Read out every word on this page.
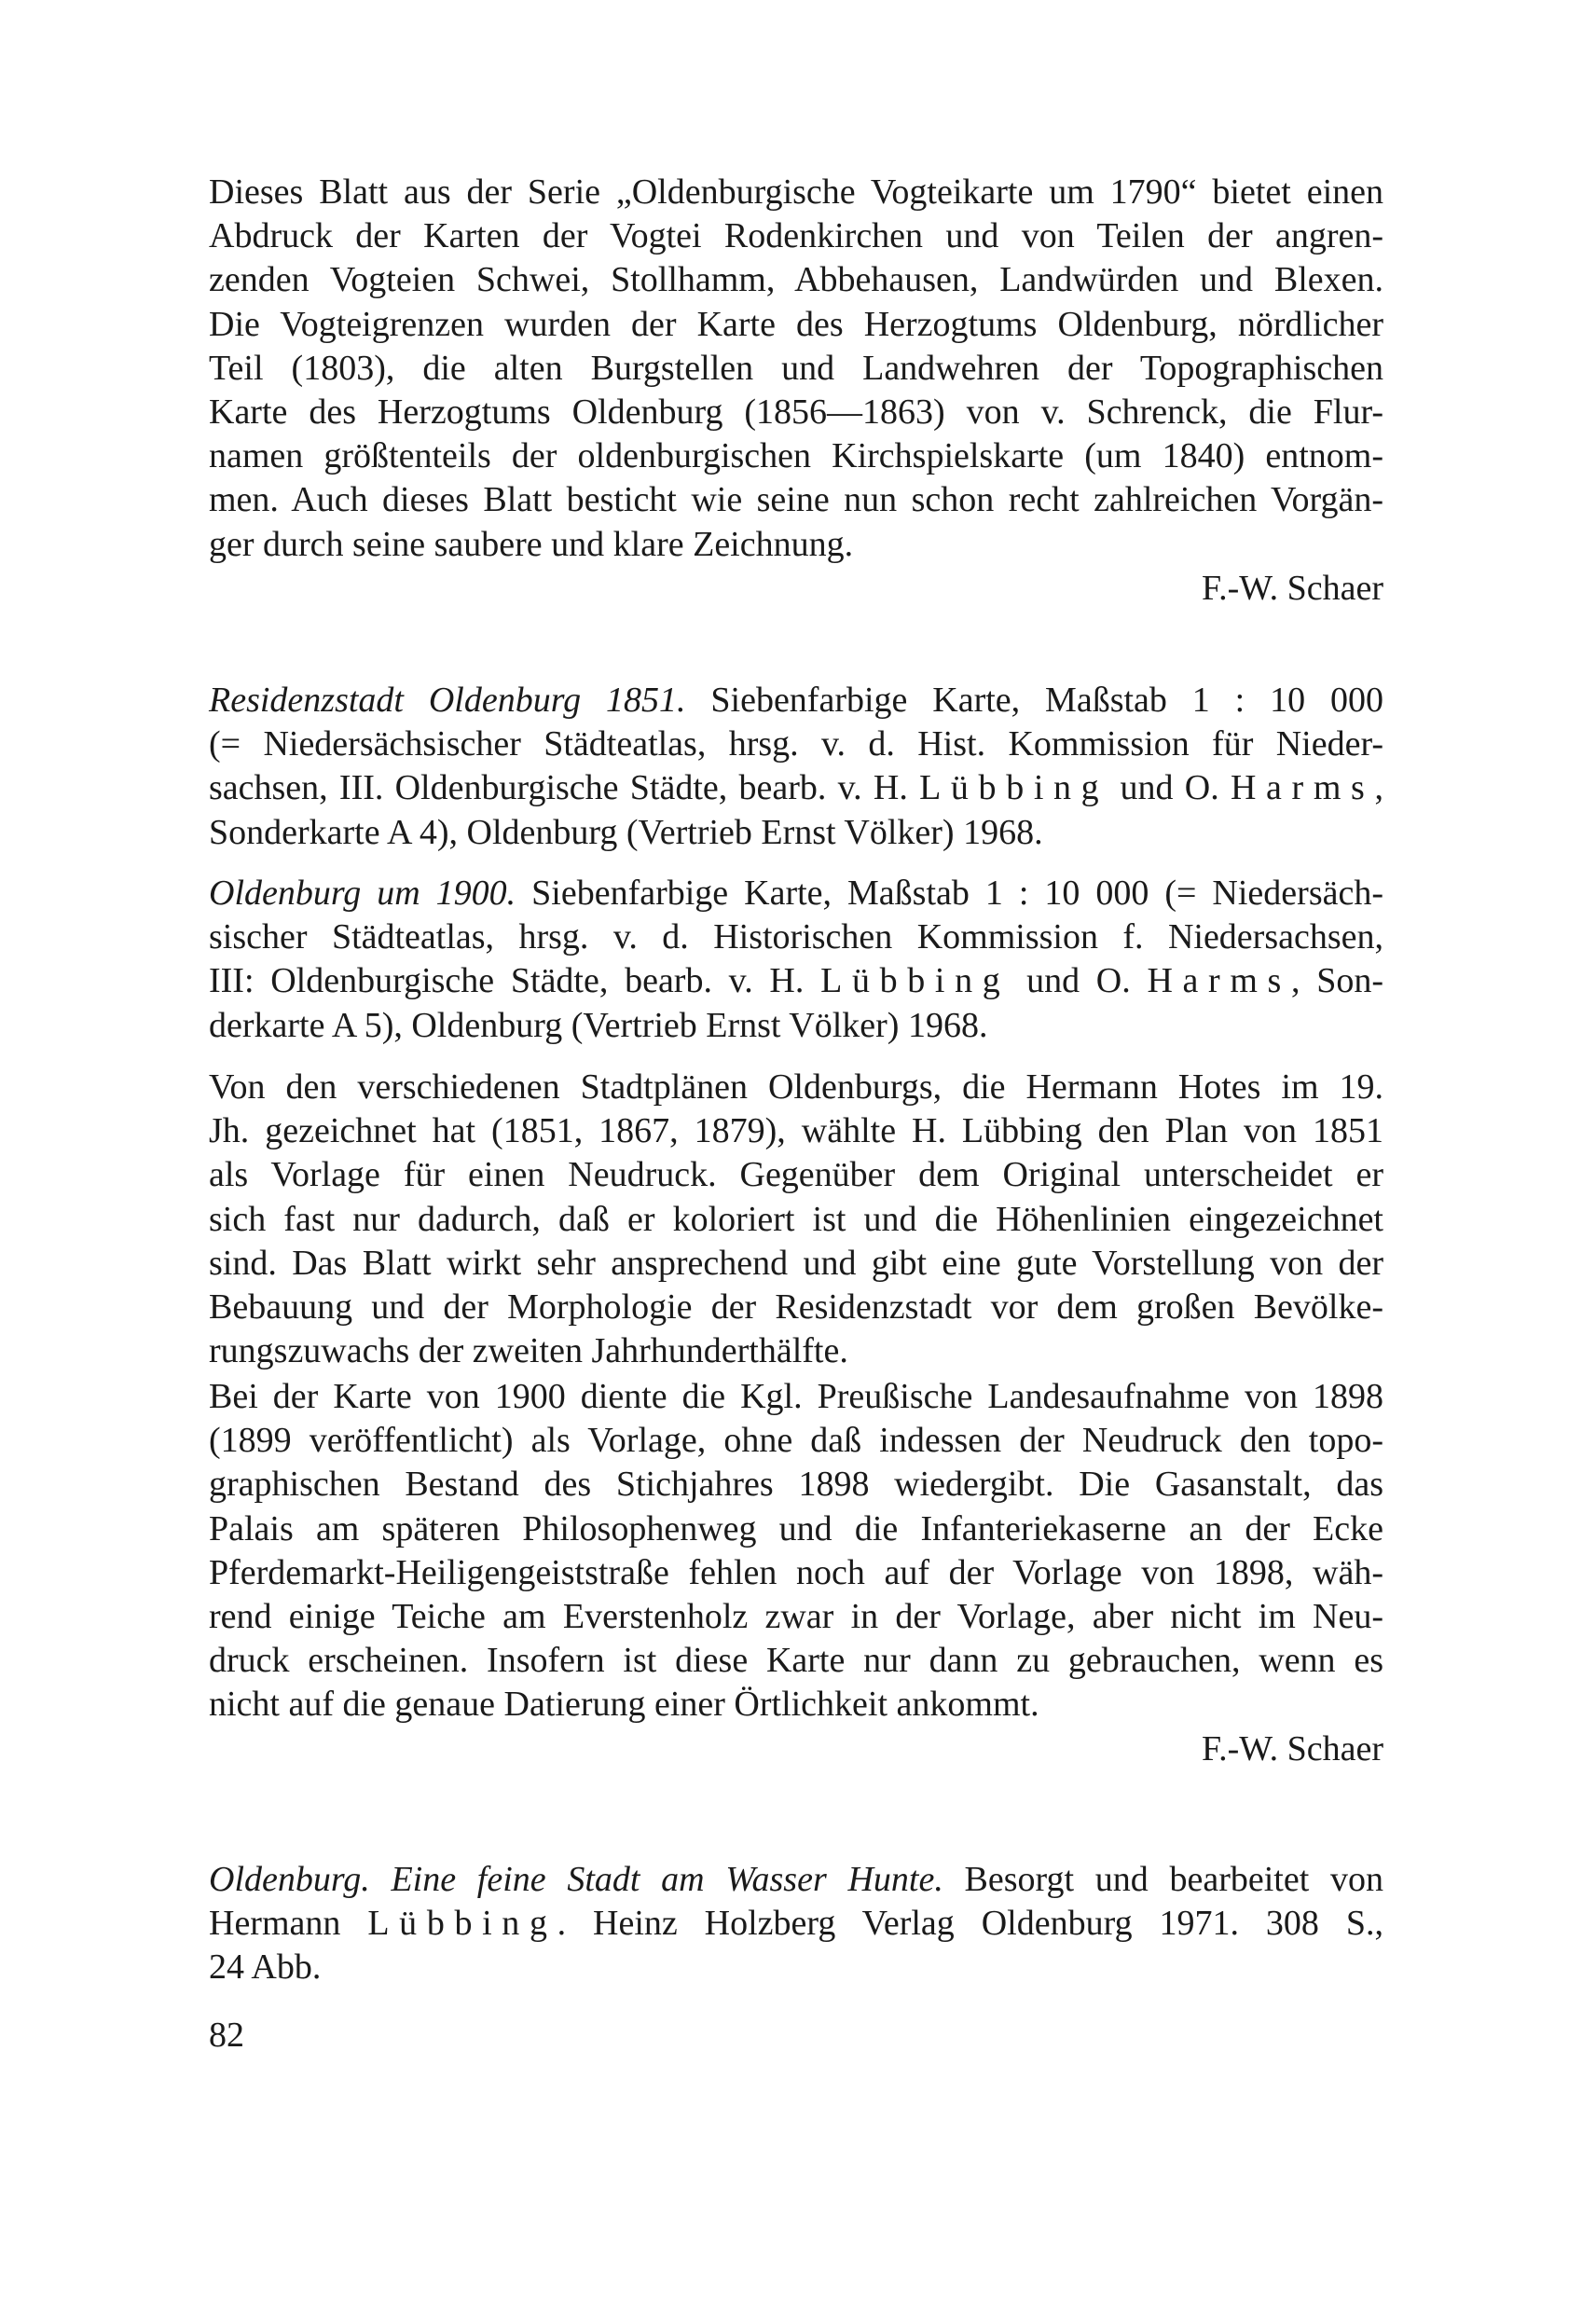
Dieses Blatt aus der Serie „Oldenburgische Vogteikarte um 1790“ bietet einen
Abdruck der Karten der Vogtei Rodenkirchen und von Teilen der angren-
zenden Vogteien Schwei, Stollhamm, Abbehausen, Landwürden und Blexen.
Die Vogteigrenzen wurden der Karte des Herzogtums Oldenburg, nördlicher
Teil (1803), die alten Burgstellen und Landwehren der Topographischen
Karte des Herzogtums Oldenburg (1856—1863) von v. Schrenck, die Flur-
namen größtenteils der oldenburgischen Kirchspielskarte (um 1840) entnom-
men. Auch dieses Blatt besticht wie seine nun schon recht zahlreichen Vorgän-
ger durch seine saubere und klare Zeichnung.
F.-W. Schaer
Residenzstadt Oldenburg 1851. Siebenfarbige Karte, Maßstab 1 : 10 000
(= Niedersächsischer Städteatlas, hrsg. v. d. Hist. Kommission für Nieder-
sachsen, III. Oldenburgische Städte, bearb. v. H. Lübbing und O. Harms,
Sonderkarte A 4), Oldenburg (Vertrieb Ernst Völker) 1968.
Oldenburg um 1900. Siebenfarbige Karte, Maßstab 1 : 10 000 (= Niedersäch-
sischer Städteatlas, hrsg. v. d. Historischen Kommission f. Niedersachsen,
III: Oldenburgische Städte, bearb. v. H. Lübbing und O. Harms, Son-
derkarte A 5), Oldenburg (Vertrieb Ernst Völker) 1968.
Von den verschiedenen Stadtplänen Oldenburgs, die Hermann Hotes im 19.
Jh. gezeichnet hat (1851, 1867, 1879), wählte H. Lübbing den Plan von 1851
als Vorlage für einen Neudruck. Gegenüber dem Original unterscheidet er
sich fast nur dadurch, daß er koloriert ist und die Höhenlinien eingezeichnet
sind. Das Blatt wirkt sehr ansprechend und gibt eine gute Vorstellung von der
Bebauung und der Morphologie der Residenzstadt vor dem großen Bevölke-
rungszuwachs der zweiten Jahrhunderthälfte.
Bei der Karte von 1900 diente die Kgl. Preußische Landesaufnahme von 1898
(1899 veröffentlicht) als Vorlage, ohne daß indessen der Neudruck den topo-
graphischen Bestand des Stichjahres 1898 wiedergibt. Die Gasanstalt, das
Palais am späteren Philosophenweg und die Infanteriekaserne an der Ecke
Pferdemarkt-Heiligengeiststraße fehlen noch auf der Vorlage von 1898, wäh-
rend einige Teiche am Everstenholz zwar in der Vorlage, aber nicht im Neu-
druck erscheinen. Insofern ist diese Karte nur dann zu gebrauchen, wenn es
nicht auf die genaue Datierung einer Örtlichkeit ankommt.
F.-W. Schaer
Oldenburg. Eine feine Stadt am Wasser Hunte. Besorgt und bearbeitet von
Hermann Lübbing. Heinz Holzberg Verlag Oldenburg 1971. 308 S.,
24 Abb.
82
